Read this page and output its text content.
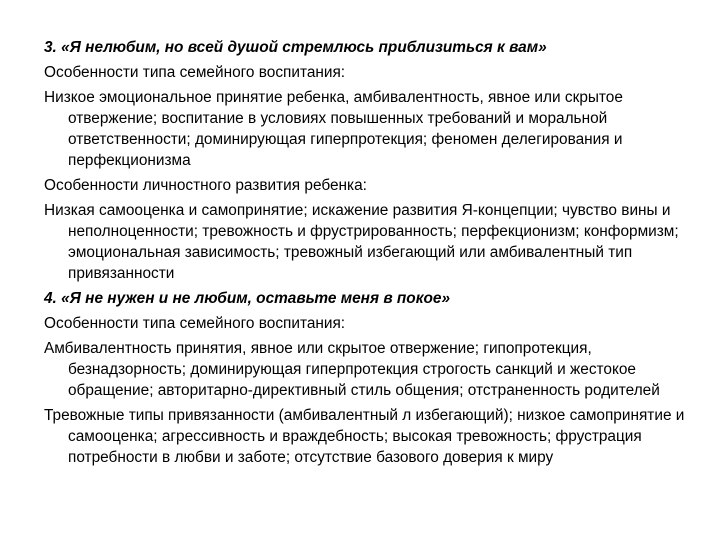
3. «Я нелюбим, но всей душой стремлюсь приблизиться к вам»

Особенности типа семейного воспитания:

Низкое эмоциональное принятие ребенка, амбивалентность, явное или скрытое отвержение; воспитание в условиях повышенных требований и моральной ответственности; доминирующая гиперпротекция; феномен делегирования и перфекционизма

Особенности личностного развития ребенка:

Низкая самооценка и самопринятие; искажение развития Я-концепции; чувство вины и неполноценности; тревожность и фрустрированность; перфекционизм; конформизм; эмоциональная зависимость; тревожный избегающий или амбивалентный тип привязанности

4. «Я не нужен и не любим, оставьте меня в покое»

Особенности типа семейного воспитания:

Амбивалентность принятия, явное или скрытое отвержение; гипопротекция, безнадзорность; доминирующая гиперпротекция строгость санкций и жестокое обращение; авторитарно-директивный стиль общения; отстраненность родителей

Тревожные типы привязанности (амбивалентный л избегающий); низкое самопринятие и самооценка; агрессивность и враждебность; высокая тревожность; фрустрация потребности в любви и заботе; отсутствие базового доверия к миру
